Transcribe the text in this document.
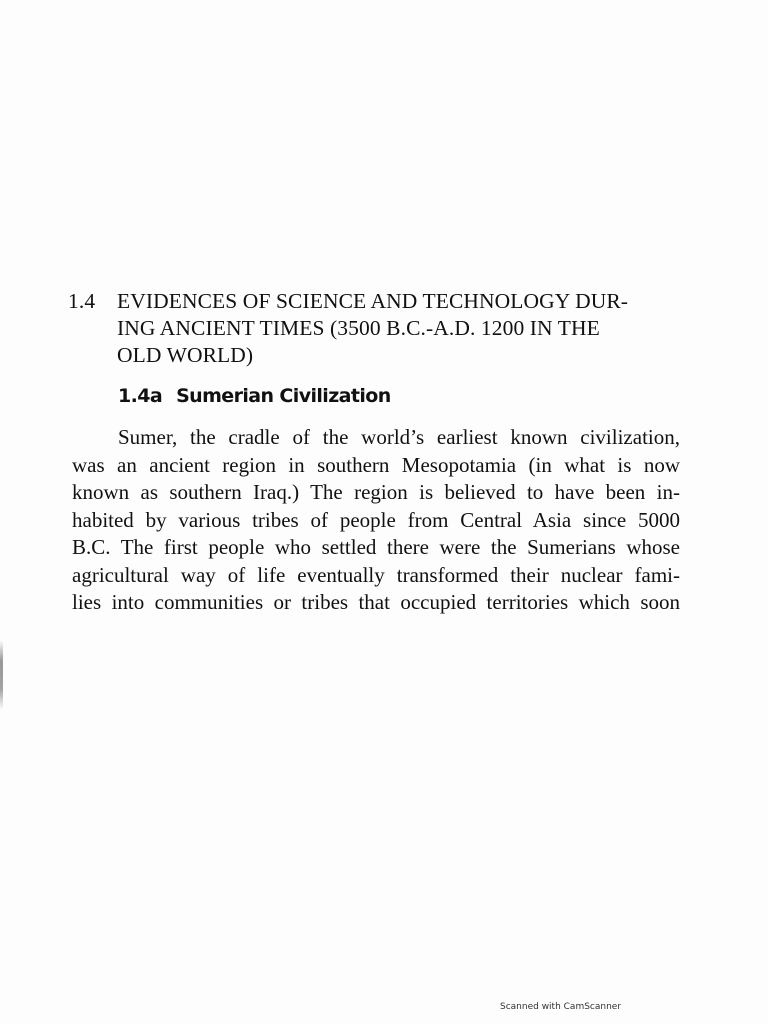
1.4 EVIDENCES OF SCIENCE AND TECHNOLOGY DUR-
ING ANCIENT TIMES (3500 B.C.-A.D. 1200 IN THE
OLD WORLD)
1.4a Sumerian Civilization
Sumer, the cradle of the world’s earliest known civilization,
was an ancient region in southern Mesopotamia (in what is now
known as southern Iraq.) The region is believed to have been in-
habited by various tribes of people from Central Asia since 5000
B.C. The first people who settled there were the Sumerians whose
agricultural way of life eventually transformed their nuclear fami-
lies into communities or tribes that occupied territories which soon
Scanned with CamScanner
